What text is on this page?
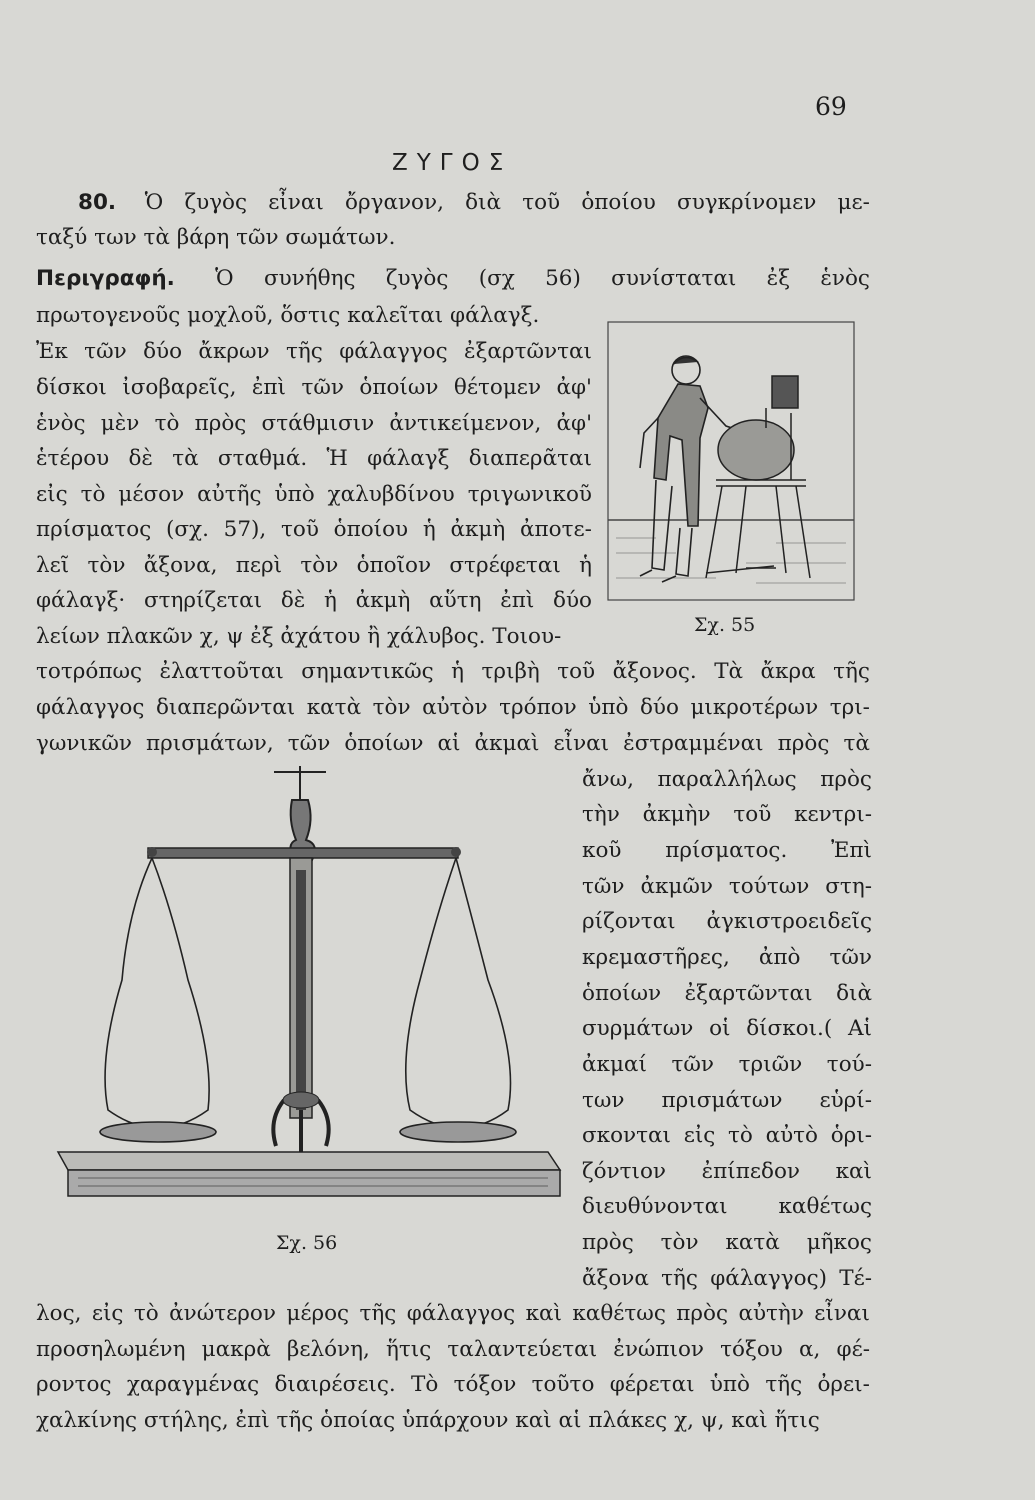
69
ΖΥΓΟΣ
80. Ὁ ζυγὸς εἶναι ὄργανον, διὰ τοῦ ὁποίου συγκρίνομεν με-
ταξύ των τὰ βάρη τῶν σωμάτων.
Περιγραφή. Ὁ συνήθης ζυγὸς (σχ 56) συνίσταται ἐξ ἑνὸς
πρωτογενοῦς μοχλοῦ, ὅστις καλεῖται φάλαγξ.
Ἐκ τῶν δύο ἄκρων τῆς φάλαγγος ἐξαρτῶνται
δίσκοι ἰσοβαρεῖς, ἐπὶ τῶν ὁποίων θέτομεν ἀφ'
ἑνὸς μὲν τὸ πρὸς στάθμισιν ἀντικείμενον, ἀφ'
ἑτέρου δὲ τὰ σταθμά. Ἡ φάλαγξ διαπερᾶται
εἰς τὸ μέσον αὐτῆς ὑπὸ χαλυβδίνου τριγωνικοῦ
πρίσματος (σχ. 57), τοῦ ὁποίου ἡ ἀκμὴ ἀποτε-
λεῖ τὸν ἄξονα, περὶ τὸν ὁποῖον στρέφεται ἡ
φάλαγξ· στηρίζεται δὲ ἡ ἀκμὴ αὕτη ἐπὶ δύο
λείων πλακῶν χ, ψ ἐξ ἀχάτου ἢ χάλυβος. Τοιου-
τοτρόπως ἐλαττοῦται σημαντικῶς ἡ τριβὴ τοῦ ἄξονος. Τὰ ἄκρα τῆς
φάλαγγος διαπερῶνται κατὰ τὸν αὐτὸν τρόπον ὑπὸ δύο μικροτέρων τρι-
γωνικῶν πρισμάτων, τῶν ὁποίων αἱ ἀκμαὶ εἶναι ἐστραμμέναι πρὸς τὰ
ἄνω, παραλλήλως πρὸς
τὴν ἀκμὴν τοῦ κεντρι-
κοῦ πρίσματος. Ἐπὶ
τῶν ἀκμῶν τούτων στη-
ρίζονται ἀγκιστροειδεῖς
κρεμαστῆρες, ἀπὸ τῶν
ὁποίων ἐξαρτῶνται διὰ
συρμάτων οἱ δίσκοι.( Αἱ
ἀκμαί τῶν τριῶν τού-
των πρισμάτων εὑρί-
σκονται εἰς τὸ αὐτὸ ὁρι-
ζόντιον ἐπίπεδον καὶ
διευθύνονται καθέτως
πρὸς τὸν κατὰ μῆκος
ἄξονα τῆς φάλαγγος) Τέ-
λος, εἰς τὸ ἀνώτερον μέρος τῆς φάλαγγος καὶ καθέτως πρὸς αὐτὴν εἶναι
προσηλωμένη μακρὰ βελόνη, ἥτις ταλαντεύεται ἐνώπιον τόξου α, φέ-
ροντος χαραγμένας διαιρέσεις. Τὸ τόξον τοῦτο φέρεται ὑπὸ τῆς ὀρει-
χαλκίνης στήλης, ἐπὶ τῆς ὁποίας ὑπάρχουν καὶ αἱ πλάκες χ, ψ, καὶ ἥτις
Σχ. 55
Σχ. 56
